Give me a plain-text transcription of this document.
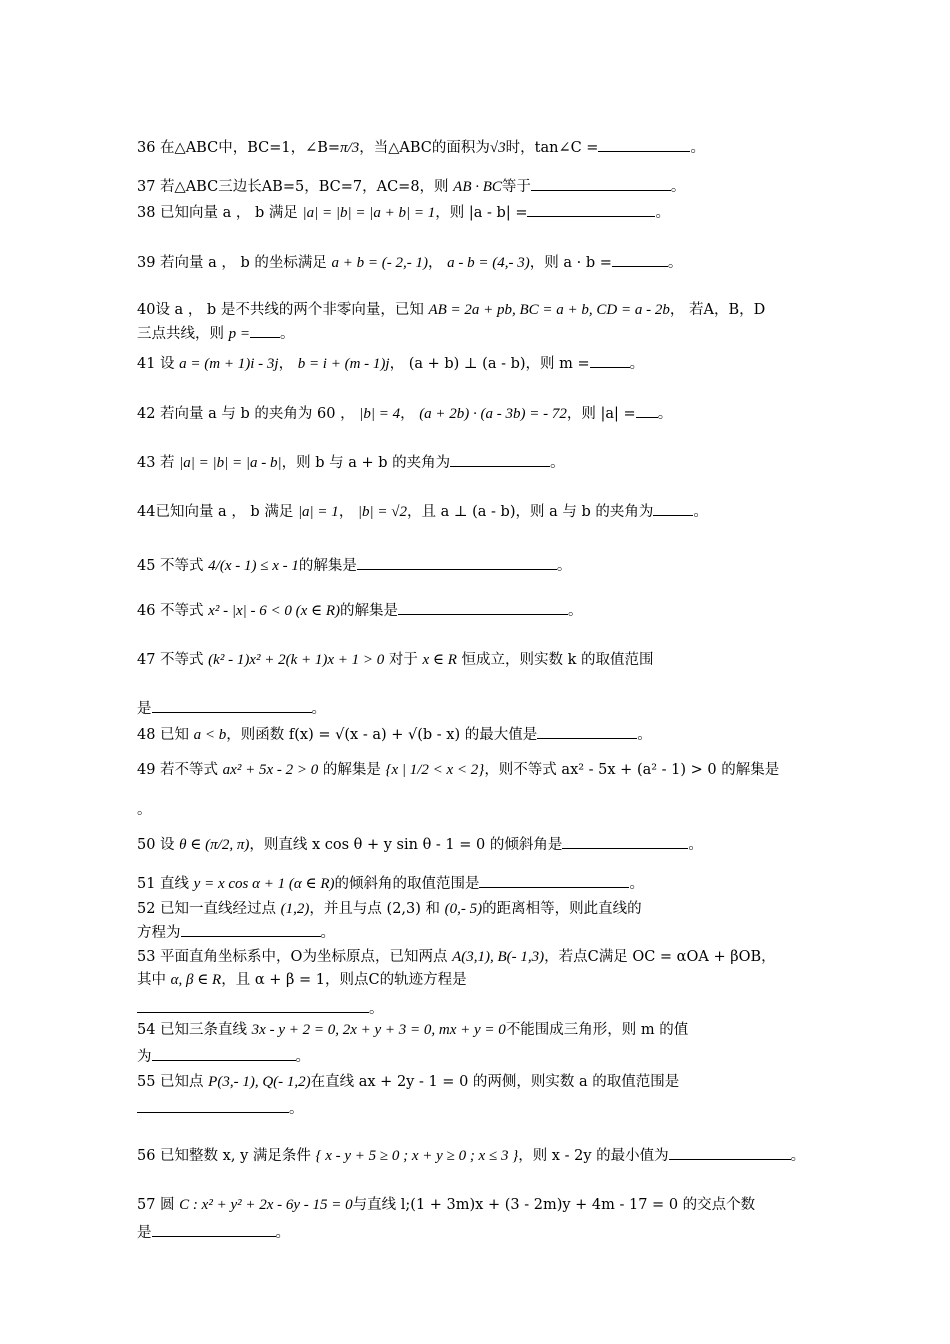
36 在△ABC中，BC=1，∠B=π/3，当△ABC的面积为√3时，tan∠C =	。
37 若△ABC三边长AB=5，BC=7，AC=8，则 AB · BC等于	。
38 已知向量 a ， b 满足 |a| = |b| = |a + b| = 1，则 |a - b| =	。
39 若向量 a ， b 的坐标满足 a + b = (- 2,- 1)， a - b = (4,- 3)，则 a · b =	。
40设 a ， b 是不共线的两个非零向量，已知 AB = 2a + pb, BC = a + b, CD = a - 2b， 若A，B，D
三点共线，则 p = 。
41 设 a = (m + 1)i - 3j， b = i + (m - 1)j， (a + b) ⊥ (a - b)，则 m =	。
42 若向量 a 与 b 的夹角为 60 ， |b| = 4， (a + 2b) · (a - 3b) = - 72，则 |a| = 。
43 若 |a| = |b| = |a - b|，则 b 与 a + b 的夹角为	。
44已知向量 a ， b 满足 |a| = 1， |b| = √2，且 a ⊥ (a - b)，则 a 与 b 的夹角为	。
45 不等式 4/(x - 1) ≤ x - 1的解集是	。
46 不等式 x² - |x| - 6 < 0 (x ∈ R)的解集是	。
47 不等式 (k² - 1)x² + 2(k + 1)x + 1 > 0 对于 x ∈ R 恒成立，则实数 k 的取值范围
是	。
48 已知 a < b，则函数 f(x) = √(x - a) + √(b - x) 的最大值是	。
49 若不等式 ax² + 5x - 2 > 0 的解集是 {x | 1/2 < x < 2}，则不等式 ax² - 5x + (a² - 1) > 0 的解集是
。
50 设 θ ∈ (π/2, π)，则直线 x cos θ + y sin θ - 1 = 0 的倾斜角是	。
51 直线 y = x cos α + 1 (α ∈ R)的倾斜角的取值范围是	。
52 已知一直线经过点 (1,2)，并且与点 (2,3) 和 (0,- 5)的距离相等，则此直线的
方程为	。
53 平面直角坐标系中，O为坐标原点，已知两点 A(3,1), B(- 1,3)，若点C满足 OC = αOA + βOB，
其中 α, β ∈ R，且 α + β = 1，则点C的轨迹方程是
。
54 已知三条直线 3x - y + 2 = 0, 2x + y + 3 = 0, mx + y = 0不能围成三角形，则 m 的值
为	。
55 已知点 P(3,- 1), Q(- 1,2)在直线 ax + 2y - 1 = 0 的两侧，则实数 a 的取值范围是
。
56 已知整数 x, y 满足条件 { x - y + 5 ≥ 0 ; x + y ≥ 0 ; x ≤ 3 }，则 x - 2y 的最小值为	。
57 圆 C : x² + y² + 2x - 6y - 15 = 0与直线 l;(1 + 3m)x + (3 - 2m)y + 4m - 17 = 0 的交点个数
是	。
